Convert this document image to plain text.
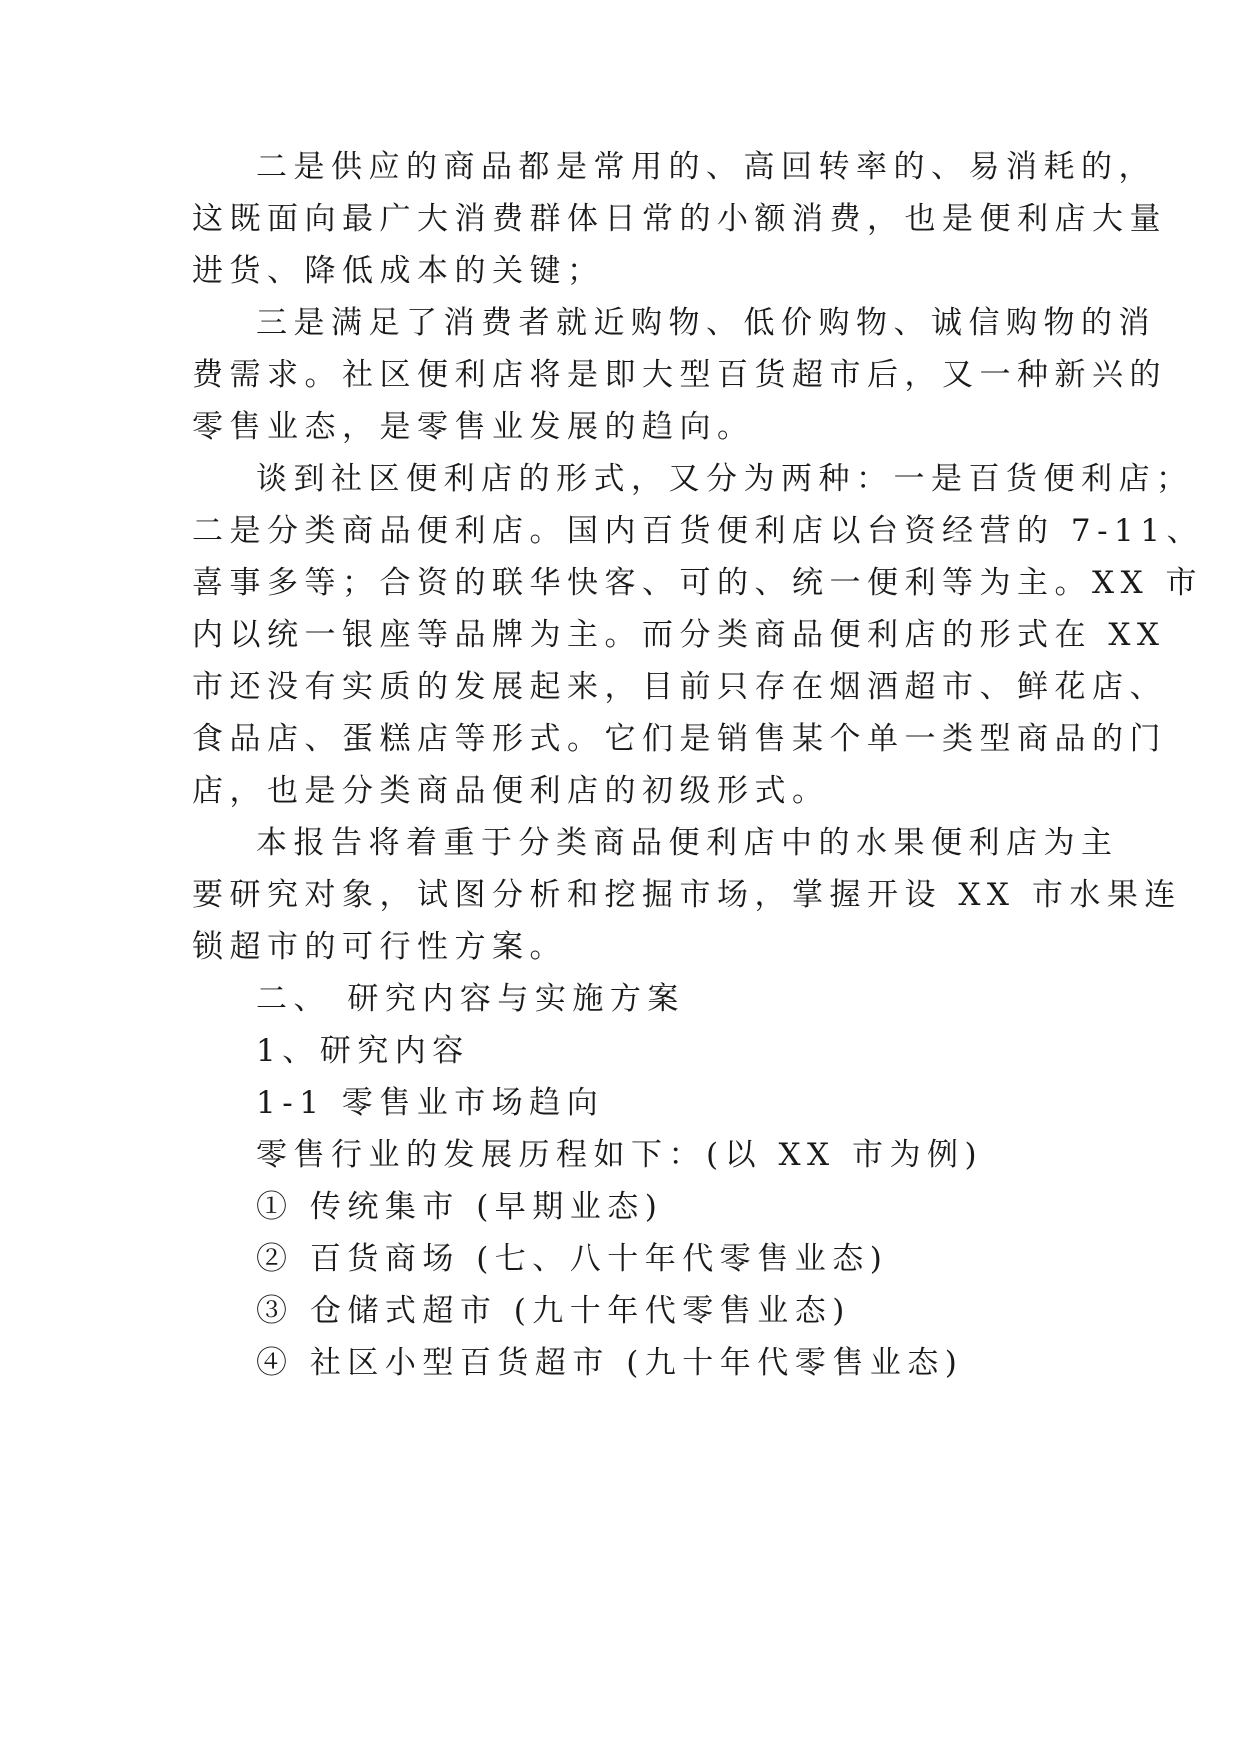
二是供应的商品都是常用的、高回转率的、易消耗的，
这既面向最广大消费群体日常的小额消费，也是便利店大量
进货、降低成本的关键；
三是满足了消费者就近购物、低价购物、诚信购物的消
费需求。社区便利店将是即大型百货超市后，又一种新兴的
零售业态，是零售业发展的趋向。
谈到社区便利店的形式，又分为两种：一是百货便利店；
二是分类商品便利店。国内百货便利店以台资经营的 7-11、
喜事多等；合资的联华快客、可的、统一便利等为主。XX 市
内以统一银座等品牌为主。而分类商品便利店的形式在 XX
市还没有实质的发展起来，目前只存在烟酒超市、鲜花店、
食品店、蛋糕店等形式。它们是销售某个单一类型商品的门
店，也是分类商品便利店的初级形式。
本报告将着重于分类商品便利店中的水果便利店为主
要研究对象，试图分析和挖掘市场，掌握开设 XX 市水果连
锁超市的可行性方案。
二、 研究内容与实施方案
1、研究内容
1-1 零售业市场趋向
零售行业的发展历程如下：(以 XX 市为例)
① 传统集市 (早期业态)
② 百货商场 (七、八十年代零售业态)
③ 仓储式超市 (九十年代零售业态)
④ 社区小型百货超市 (九十年代零售业态)
